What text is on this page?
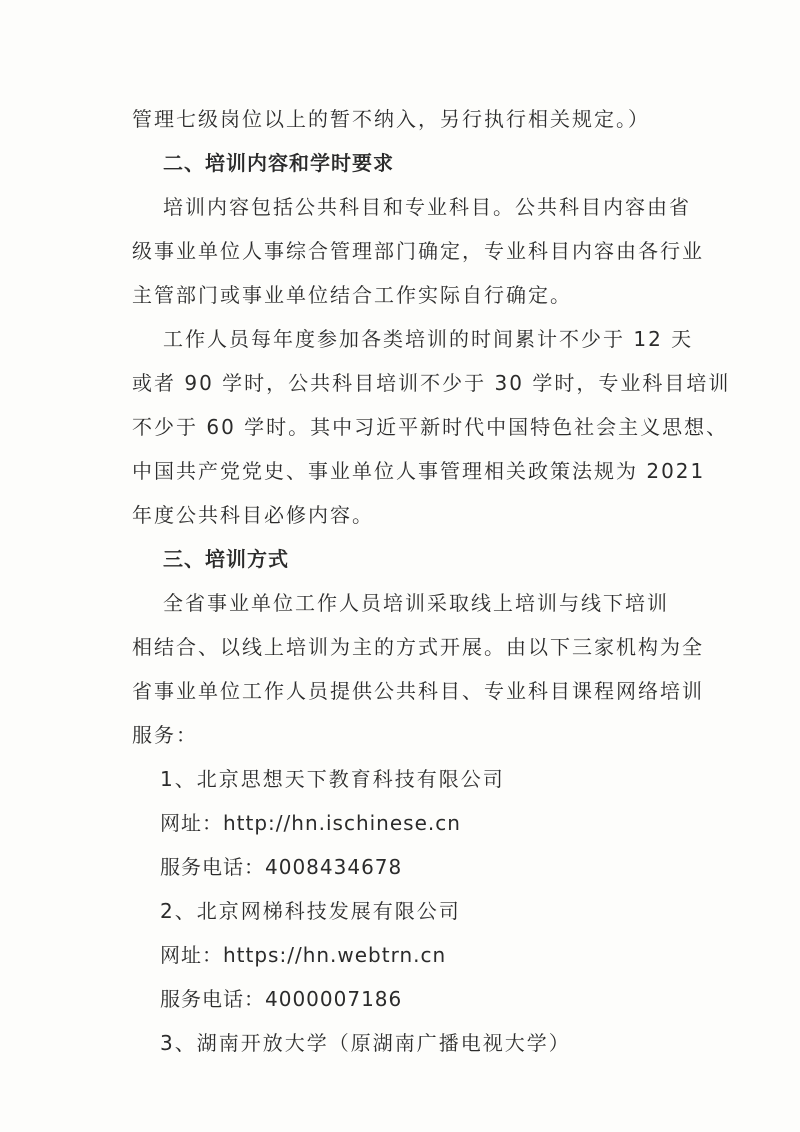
管理七级岗位以上的暂不纳入，另行执行相关规定。）
二、培训内容和学时要求
培训内容包括公共科目和专业科目。公共科目内容由省
级事业单位人事综合管理部门确定，专业科目内容由各行业
主管部门或事业单位结合工作实际自行确定。
工作人员每年度参加各类培训的时间累计不少于 12 天
或者 90 学时，公共科目培训不少于 30 学时，专业科目培训
不少于 60 学时。其中习近平新时代中国特色社会主义思想、
中国共产党党史、事业单位人事管理相关政策法规为 2021
年度公共科目必修内容。
三、培训方式
全省事业单位工作人员培训采取线上培训与线下培训
相结合、以线上培训为主的方式开展。由以下三家机构为全
省事业单位工作人员提供公共科目、专业科目课程网络培训
服务：
1、北京思想天下教育科技有限公司
网址：http://hn.ischinese.cn
服务电话：4008434678
2、北京网梯科技发展有限公司
网址：https://hn.webtrn.cn
服务电话：4000007186
3、湖南开放大学（原湖南广播电视大学）
